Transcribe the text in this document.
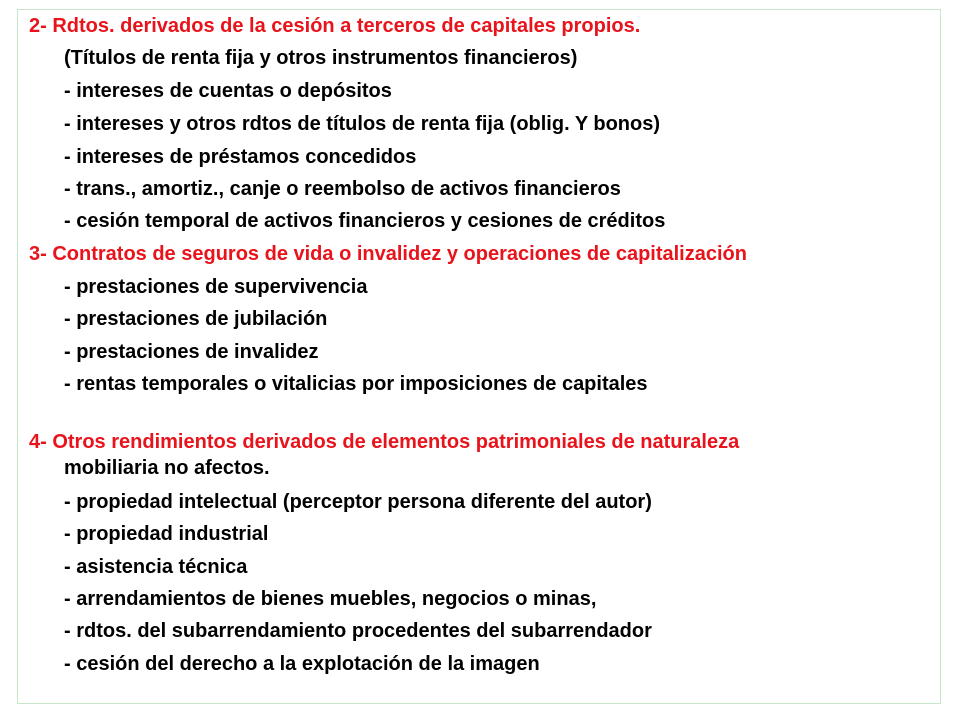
2- Rdtos. derivados de la cesión a terceros de capitales propios.

(Títulos de renta fija y otros instrumentos financieros)

- intereses de cuentas o depósitos

- intereses y otros rdtos de títulos de renta fija (oblig. Y bonos)

- intereses de préstamos concedidos

- trans., amortiz., canje o reembolso de activos financieros

- cesión temporal de activos financieros y cesiones de créditos

3- Contratos de seguros de vida o invalidez y operaciones de capitalización

- prestaciones de supervivencia

- prestaciones de jubilación

- prestaciones de invalidez

- rentas temporales o vitalicias por imposiciones de capitales

4- Otros rendimientos derivados de elementos patrimoniales de naturaleza

mobiliaria no afectos.

- propiedad intelectual (perceptor persona diferente del autor)

- propiedad industrial

- asistencia técnica

- arrendamientos de bienes muebles, negocios o minas,

- rdtos. del subarrendamiento procedentes del subarrendador

- cesión del derecho a la explotación de la imagen
